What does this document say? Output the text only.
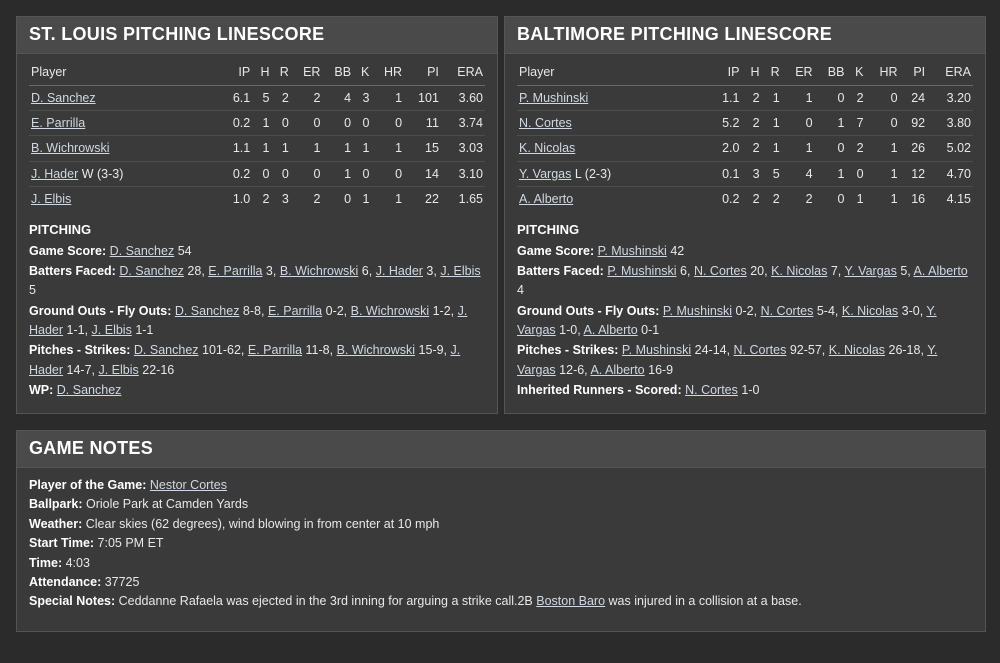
ST. LOUIS PITCHING LINESCORE
Player	IP	H	R	ER	BB	K	HR	PI	ERA
D. Sanchez	6.1	5	2	2	4	3	1	101	3.60
E. Parrilla	0.2	1	0	0	0	0	0	11	3.74
B. Wichrowski	1.1	1	1	1	1	1	1	15	3.03
J. Hader W (3-3)	0.2	0	0	0	1	0	0	14	3.10
J. Elbis	1.0	2	3	2	0	1	1	22	1.65
PITCHING
Game Score: D. Sanchez 54
Batters Faced: D. Sanchez 28, E. Parrilla 3, B. Wichrowski 6, J. Hader 3, J. Elbis 5
Ground Outs - Fly Outs: D. Sanchez 8-8, E. Parrilla 0-2, B. Wichrowski 1-2, J. Hader 1-1, J. Elbis 1-1
Pitches - Strikes: D. Sanchez 101-62, E. Parrilla 11-8, B. Wichrowski 15-9, J. Hader 14-7, J. Elbis 22-16
WP: D. Sanchez
BALTIMORE PITCHING LINESCORE
Player	IP	H	R	ER	BB	K	HR	PI	ERA
P. Mushinski	1.1	2	1	1	0	2	0	24	3.20
N. Cortes	5.2	2	1	0	1	7	0	92	3.80
K. Nicolas	2.0	2	1	1	0	2	1	26	5.02
Y. Vargas L (2-3)	0.1	3	5	4	1	0	1	12	4.70
A. Alberto	0.2	2	2	2	0	1	1	16	4.15
PITCHING
Game Score: P. Mushinski 42
Batters Faced: P. Mushinski 6, N. Cortes 20, K. Nicolas 7, Y. Vargas 5, A. Alberto 4
Ground Outs - Fly Outs: P. Mushinski 0-2, N. Cortes 5-4, K. Nicolas 3-0, Y. Vargas 1-0, A. Alberto 0-1
Pitches - Strikes: P. Mushinski 24-14, N. Cortes 92-57, K. Nicolas 26-18, Y. Vargas 12-6, A. Alberto 16-9
Inherited Runners - Scored: N. Cortes 1-0
GAME NOTES
Player of the Game: Nestor Cortes
Ballpark: Oriole Park at Camden Yards
Weather: Clear skies (62 degrees), wind blowing in from center at 10 mph
Start Time: 7:05 PM ET
Time: 4:03
Attendance: 37725
Special Notes: Ceddanne Rafaela was ejected in the 3rd inning for arguing a strike call.2B Boston Baro was injured in a collision at a base.
